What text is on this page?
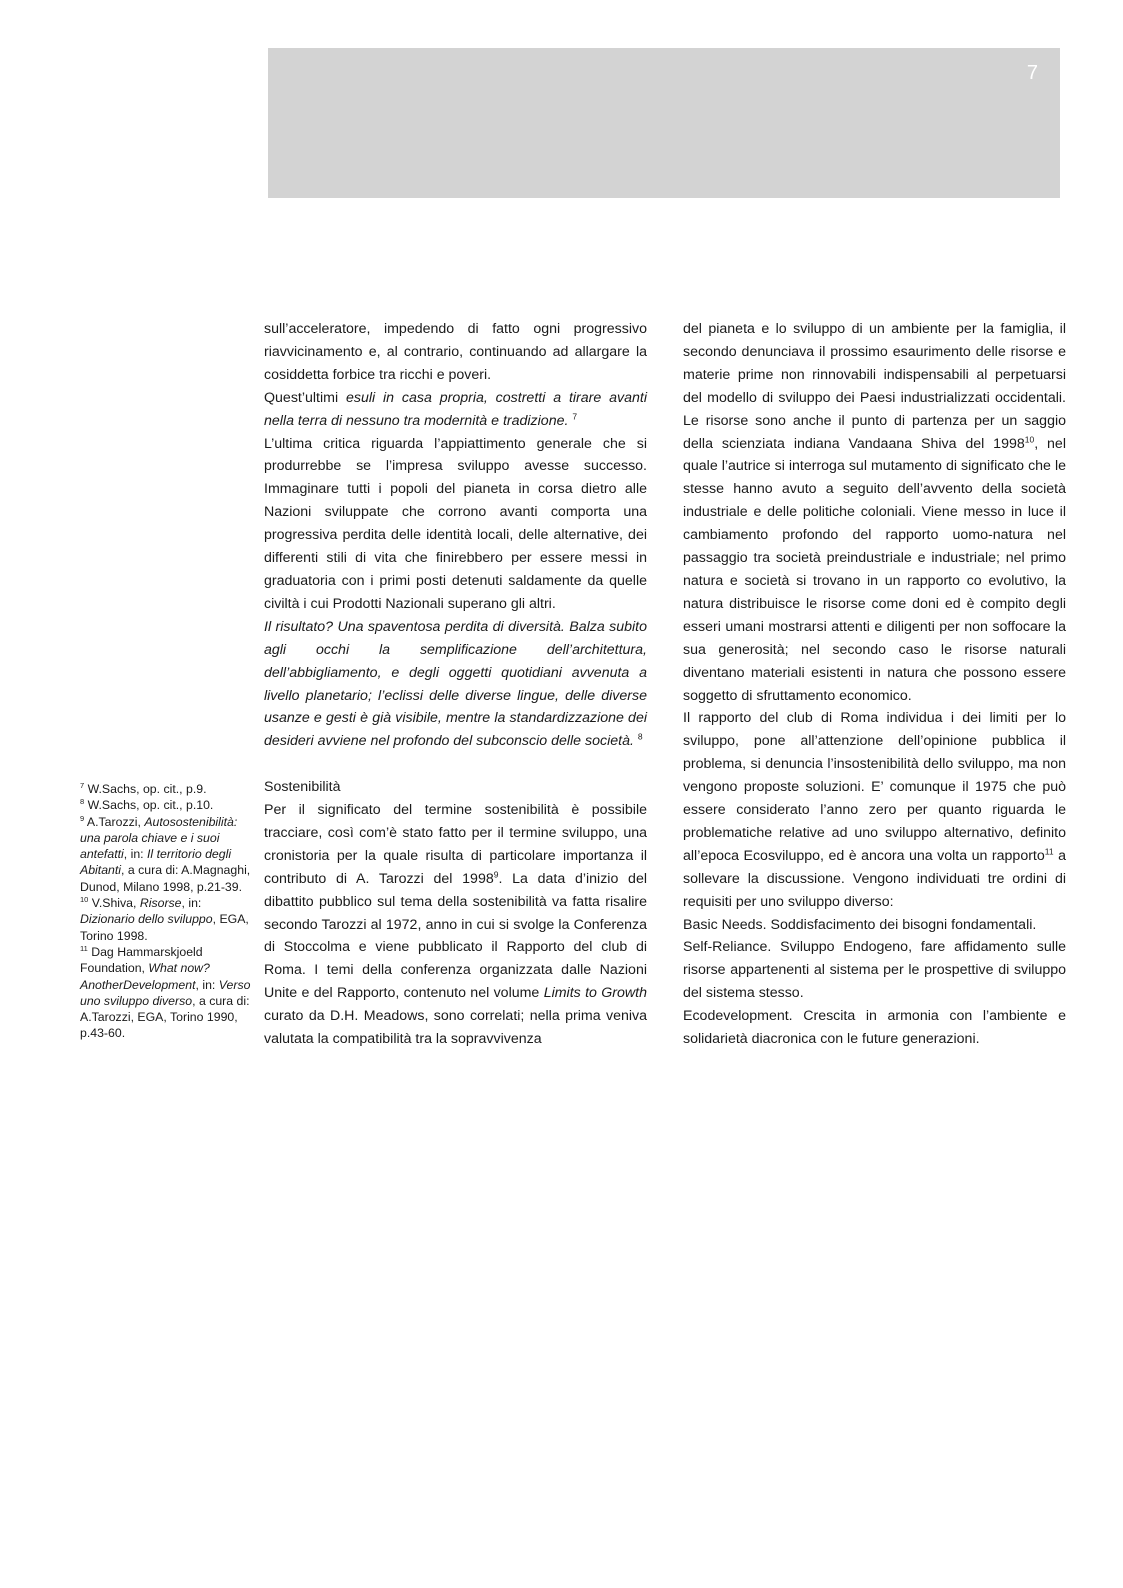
7

$^7$ W.Sachs, op. cit., p.9.

$^8$ W.Sachs, op. cit., p.10.

$^9$ A.Tarozzi, Autosostenibilità: una parola chiave e i suoi antefatti, in: Il territorio degli Abitanti, a cura di: A.Magnaghi, Dunod, Milano 1998, p.21-39.

$^{10}$ V.Shiva, Risorse, in: Dizionario dello sviluppo, EGA, Torino 1998.

$^{11}$ Dag Hammarskjoeld Foundation, What now? AnotherDevelopment, in: Verso uno sviluppo diverso, a cura di: A.Tarozzi, EGA, Torino 1990, p.43-60.

sull’acceleratore, impedendo di fatto ogni progressivo riavvicinamento e, al contrario, continuando ad allargare la cosiddetta forbice tra ricchi e poveri.

Quest’ultimi esuli in casa propria, costretti a tirare avanti nella terra di nessuno tra modernità e tradizione. $^7$

L’ultima critica riguarda l’appiattimento generale che si produrrebbe se l’impresa sviluppo avesse successo. Immaginare tutti i popoli del pianeta in corsa dietro alle Nazioni sviluppate che corrono avanti comporta una progressiva perdita delle identità locali, delle alternative, dei differenti stili di vita che finirebbero per essere messi in graduatoria con i primi posti detenuti saldamente da quelle civiltà i cui Prodotti Nazionali superano gli altri.

Il risultato? Una spaventosa perdita di diversità. Balza subito agli occhi la semplificazione dell’architettura, dell’abbigliamento, e degli oggetti quotidiani avvenuta a livello planetario; l’eclissi delle diverse lingue, delle diverse usanze e gesti è già visibile, mentre la standardizzazione dei desideri avviene nel profondo del subconscio delle società. $^8$

Sostenibilità

Per il significato del termine sostenibilità è possibile tracciare, così com’è stato fatto per il termine sviluppo, una cronistoria per la quale risulta di particolare importanza il contributo di A. Tarozzi del 1998$^9$. La data d’inizio del dibattito pubblico sul tema della sostenibilità va fatta risalire secondo Tarozzi al 1972, anno in cui si svolge la Conferenza di Stoccolma e viene pubblicato il Rapporto del club di Roma. I temi della conferenza organizzata dalle Nazioni Unite e del Rapporto, contenuto nel volume Limits to Growth curato da D.H. Meadows, sono correlati; nella prima veniva valutata la compatibilità tra la sopravvivenza

del pianeta e lo sviluppo di un ambiente per la famiglia, il secondo denunciava il prossimo esaurimento delle risorse e materie prime non rinnovabili indispensabili al perpetuarsi del modello di sviluppo dei Paesi industrializzati occidentali. Le risorse sono anche il punto di partenza per un saggio della scienziata indiana Vandaana Shiva del 1998$^{10}$, nel quale l’autrice si interroga sul mutamento di significato che le stesse hanno avuto a seguito dell’avvento della società industriale e delle politiche coloniali. Viene messo in luce il cambiamento profondo del rapporto uomo-natura nel passaggio tra società preindustriale e industriale; nel primo natura e società si trovano in un rapporto co evolutivo, la natura distribuisce le risorse come doni ed è compito degli esseri umani mostrarsi attenti e diligenti per non soffocare la sua generosità; nel secondo caso le risorse naturali diventano materiali esistenti in natura che possono essere soggetto di sfruttamento economico.

Il rapporto del club di Roma individua i dei limiti per lo sviluppo, pone all’attenzione dell’opinione pubblica il problema, si denuncia l’insostenibilità dello sviluppo, ma non vengono proposte soluzioni. E’ comunque il 1975 che può essere considerato l’anno zero per quanto riguarda le problematiche relative ad uno sviluppo alternativo, definito all’epoca Ecosviluppo, ed è ancora una volta un rapporto$^{11}$ a sollevare la discussione. Vengono individuati tre ordini di requisiti per uno sviluppo diverso:

Basic Needs. Soddisfacimento dei bisogni fondamentali.

Self-Reliance. Sviluppo Endogeno, fare affidamento sulle risorse appartenenti al sistema per le prospettive di sviluppo del sistema stesso.

Ecodevelopment. Crescita in armonia con l’ambiente e solidarietà diacronica con le future generazioni.
